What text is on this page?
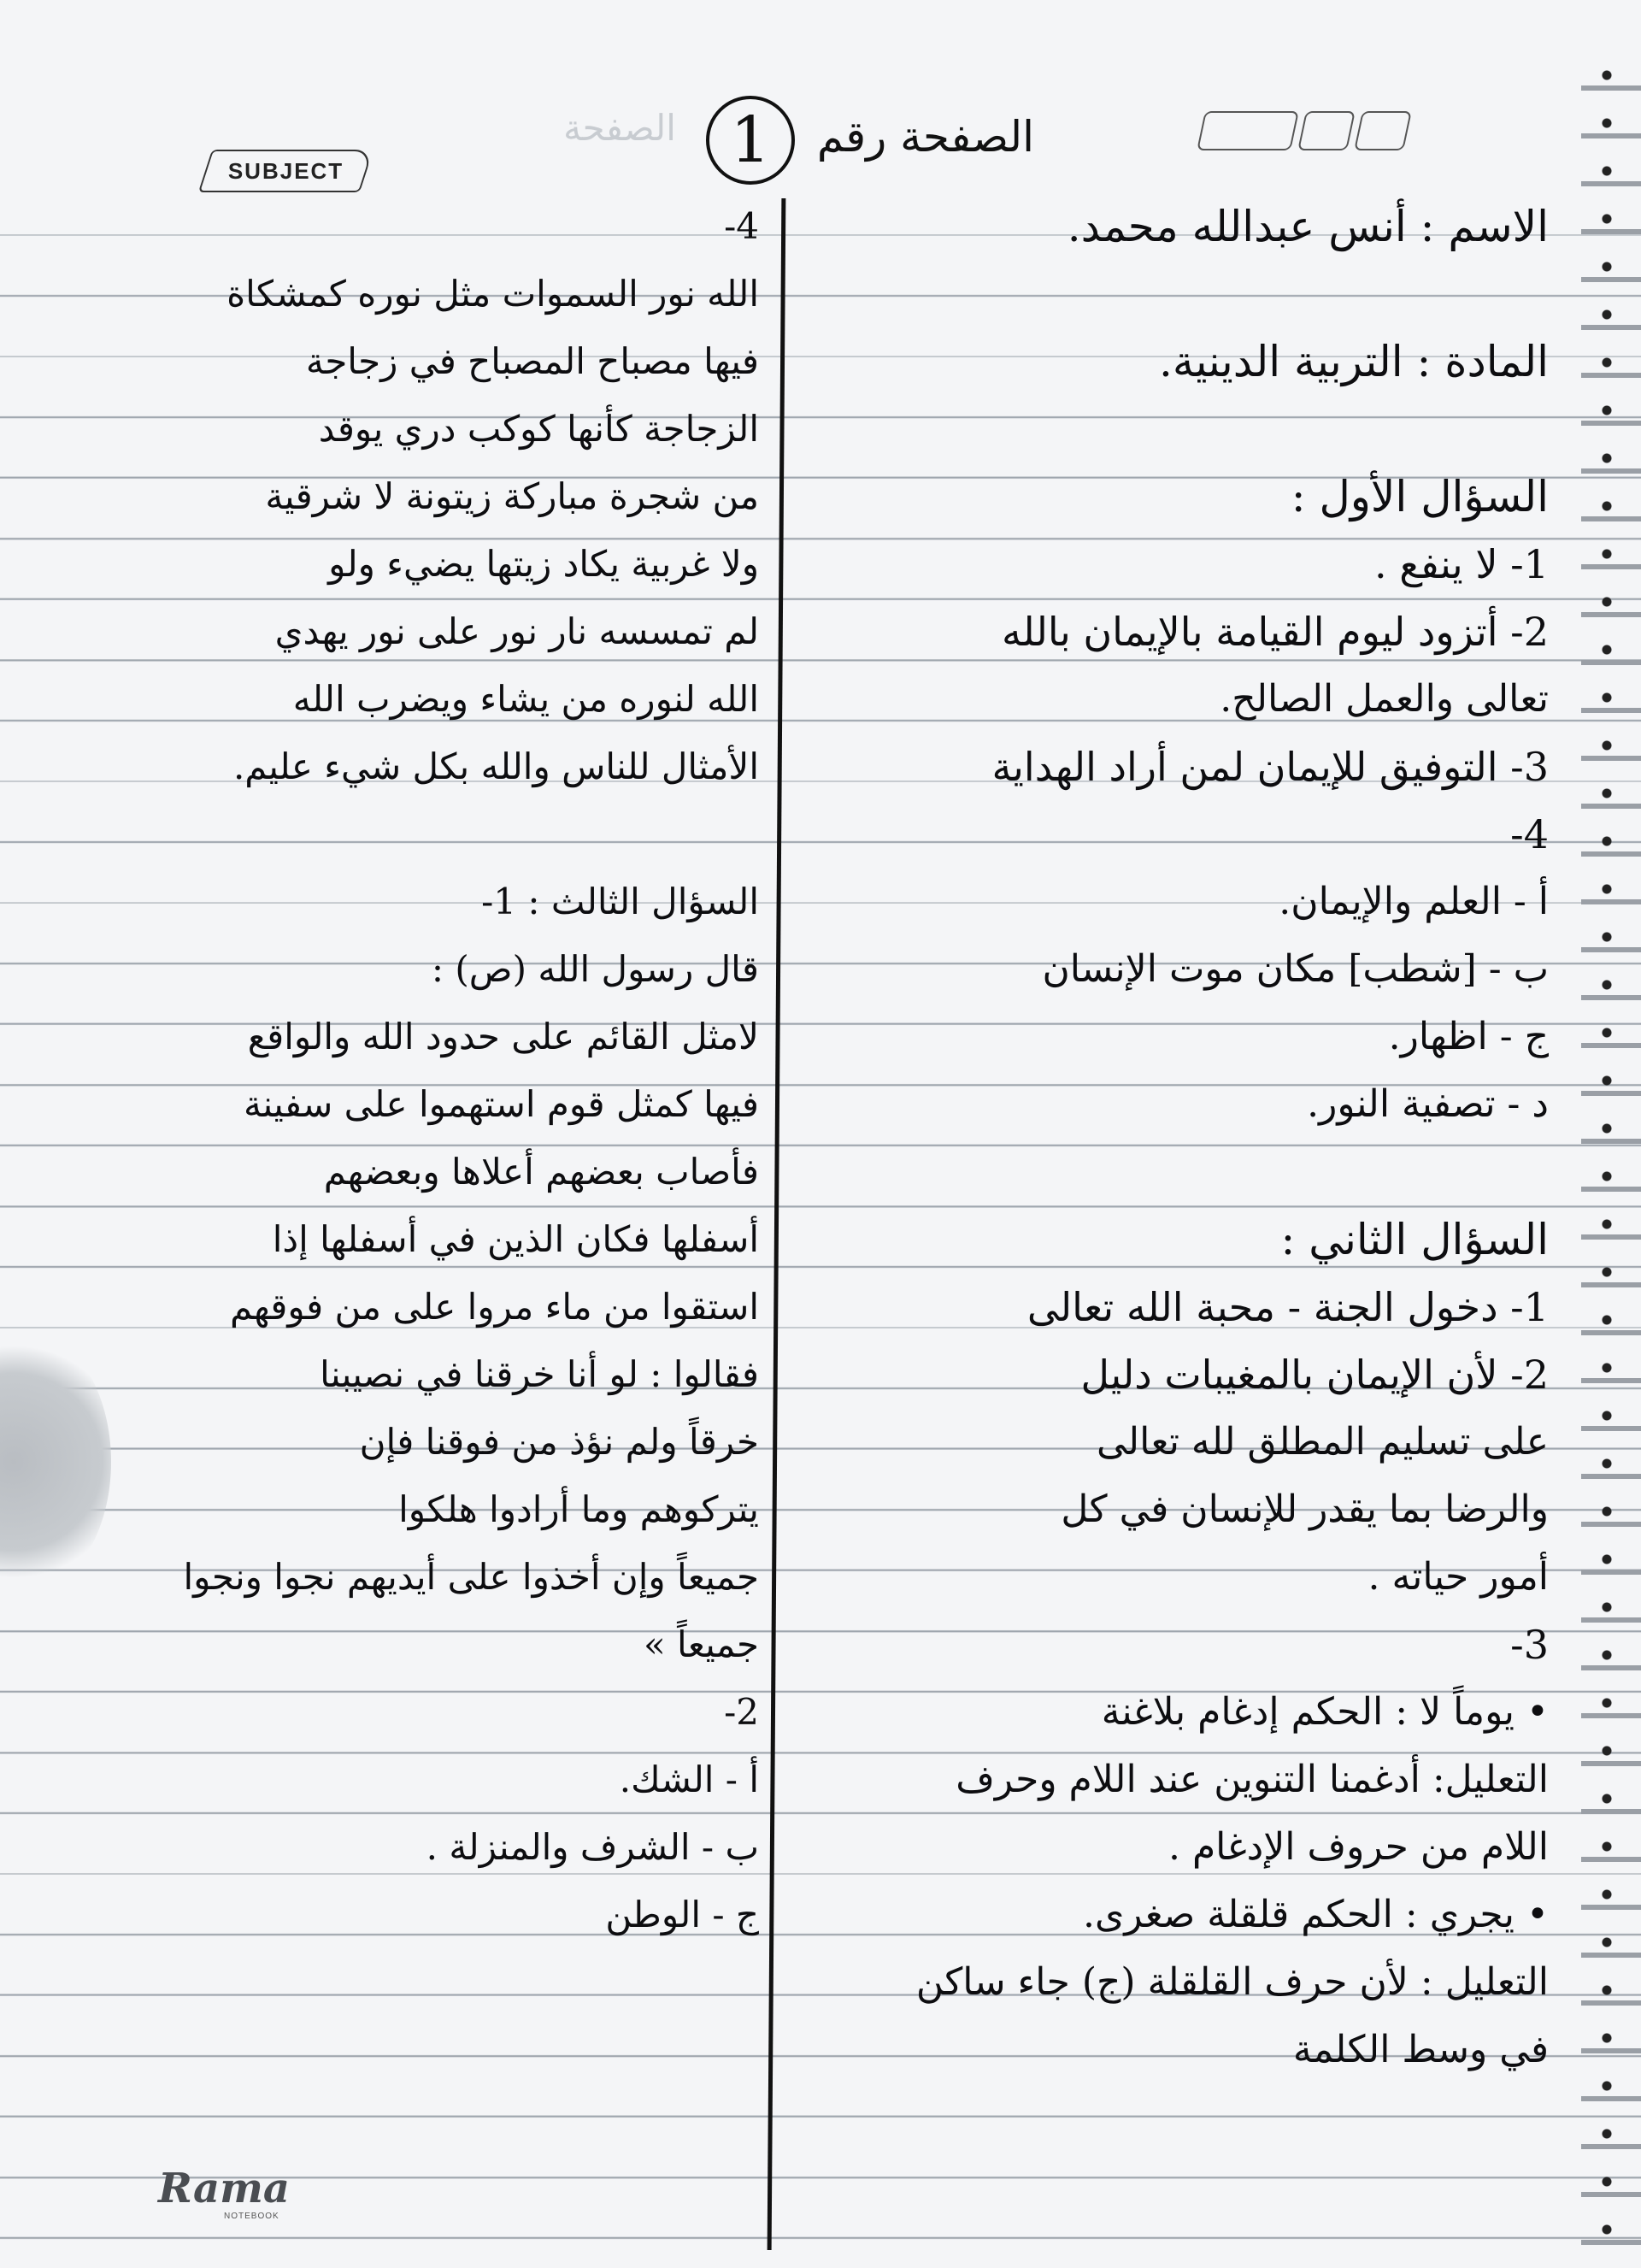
الصفحة 1	الصفحة رقم
SUBJECT
الاسم : أنس عبدالله محمد.
المادة : التربية الدينية.
السؤال الأول :
1- لا ينفع .
2- أتزود ليوم القيامة بالإيمان بالله
تعالى والعمل الصالح.
3- التوفيق للإيمان لمن أراد الهداية
4-
أ - العلم والإيمان.
ب - [شطب] مكان موت الإنسان
ج - اظهار.
د - تصفية النور.
السؤال الثاني :
1- دخول الجنة - محبة الله تعالى
2- لأن الإيمان بالمغيبات دليل
على تسليم المطلق لله تعالى
والرضا بما يقدر للإنسان في كل
أمور حياته .
3-
• يوماً لا : الحكم إدغام بلاغنة
التعليل: أدغمنا التنوين عند اللام وحرف
اللام من حروف الإدغام .
• يجري : الحكم قلقلة صغرى.
التعليل : لأن حرف القلقلة (ج) جاء ساكن
في وسط الكلمة
4-
الله نور السموات مثل نوره كمشكاة
فيها مصباح المصباح في زجاجة
الزجاجة كأنها كوكب دري يوقد
من شجرة مباركة زيتونة لا شرقية
ولا غربية يكاد زيتها يضيء ولو
لم تمسسه نار نور على نور يهدي
الله لنوره من يشاء ويضرب الله
الأمثال للناس والله بكل شيء عليم.
السؤال الثالث : 1-
قال رسول الله (ص) :
لامثل القائم على حدود الله والواقع
فيها كمثل قوم استهموا على سفينة
فأصاب بعضهم أعلاها وبعضهم
أسفلها فكان الذين في أسفلها إذا
استقوا من ماء مروا على من فوقهم
فقالوا : لو أنا خرقنا في نصيبنا
خرقاً ولم نؤذ من فوقنا فإن
يتركوهم وما أرادوا هلكوا
جميعاً وإن أخذوا على أيديهم نجوا ونجوا
جميعاً »
2-
أ - الشك.
ب - الشرف والمنزلة .
ج - الوطن
Rama
NOTEBOOK
